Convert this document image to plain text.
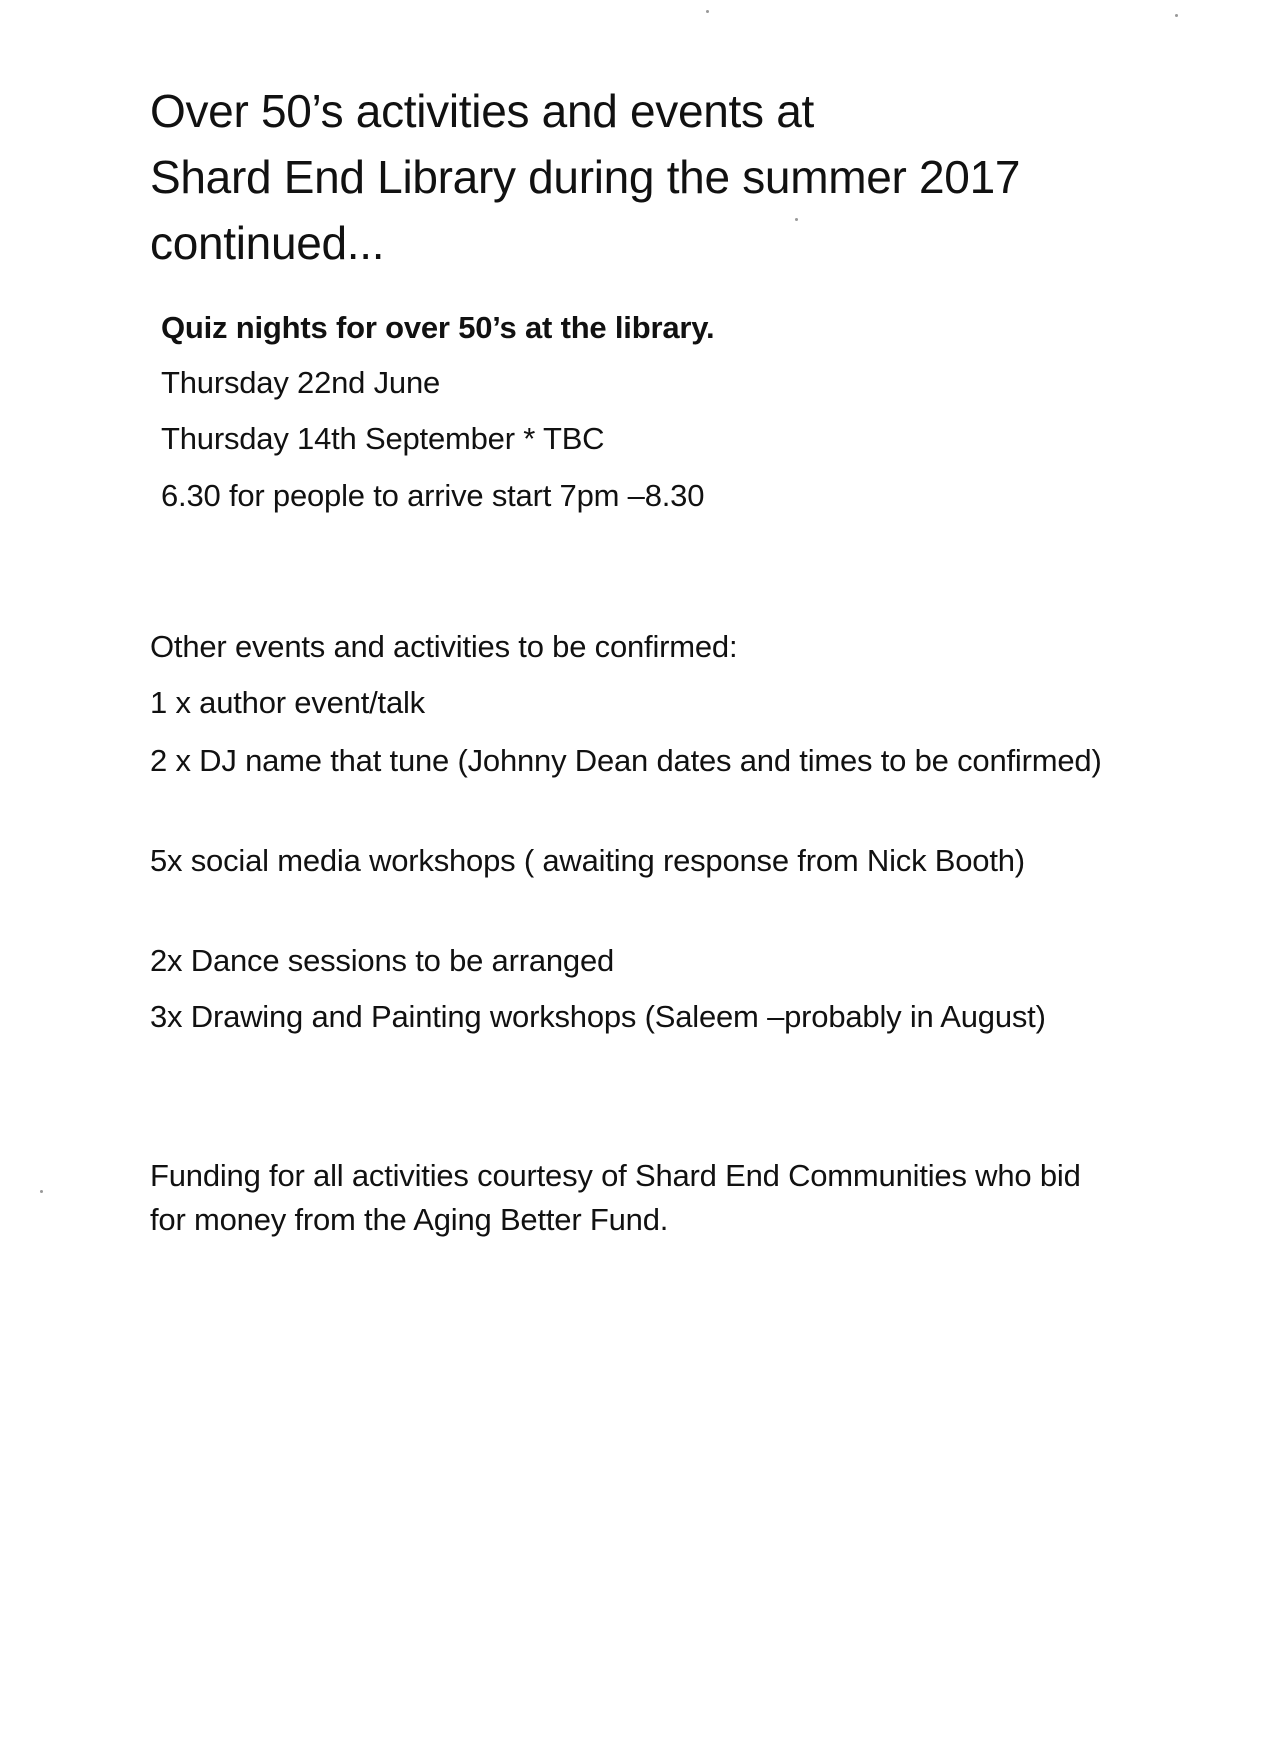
Over 50’s activities and events at
Shard End Library during the summer 2017
continued...

Quiz nights for over 50’s at the library.

Thursday 22nd June

Thursday 14th September * TBC

6.30 for people to arrive start 7pm –8.30

Other events and activities to be confirmed:

1 x author event/talk

2 x DJ name that tune (Johnny Dean dates and times to be confirmed)

5x social media workshops ( awaiting response from Nick Booth)

2x Dance sessions to be arranged

3x Drawing and Painting workshops (Saleem –probably in August)

Funding for all activities courtesy of Shard End Communities who bid for money from the Aging Better Fund.
